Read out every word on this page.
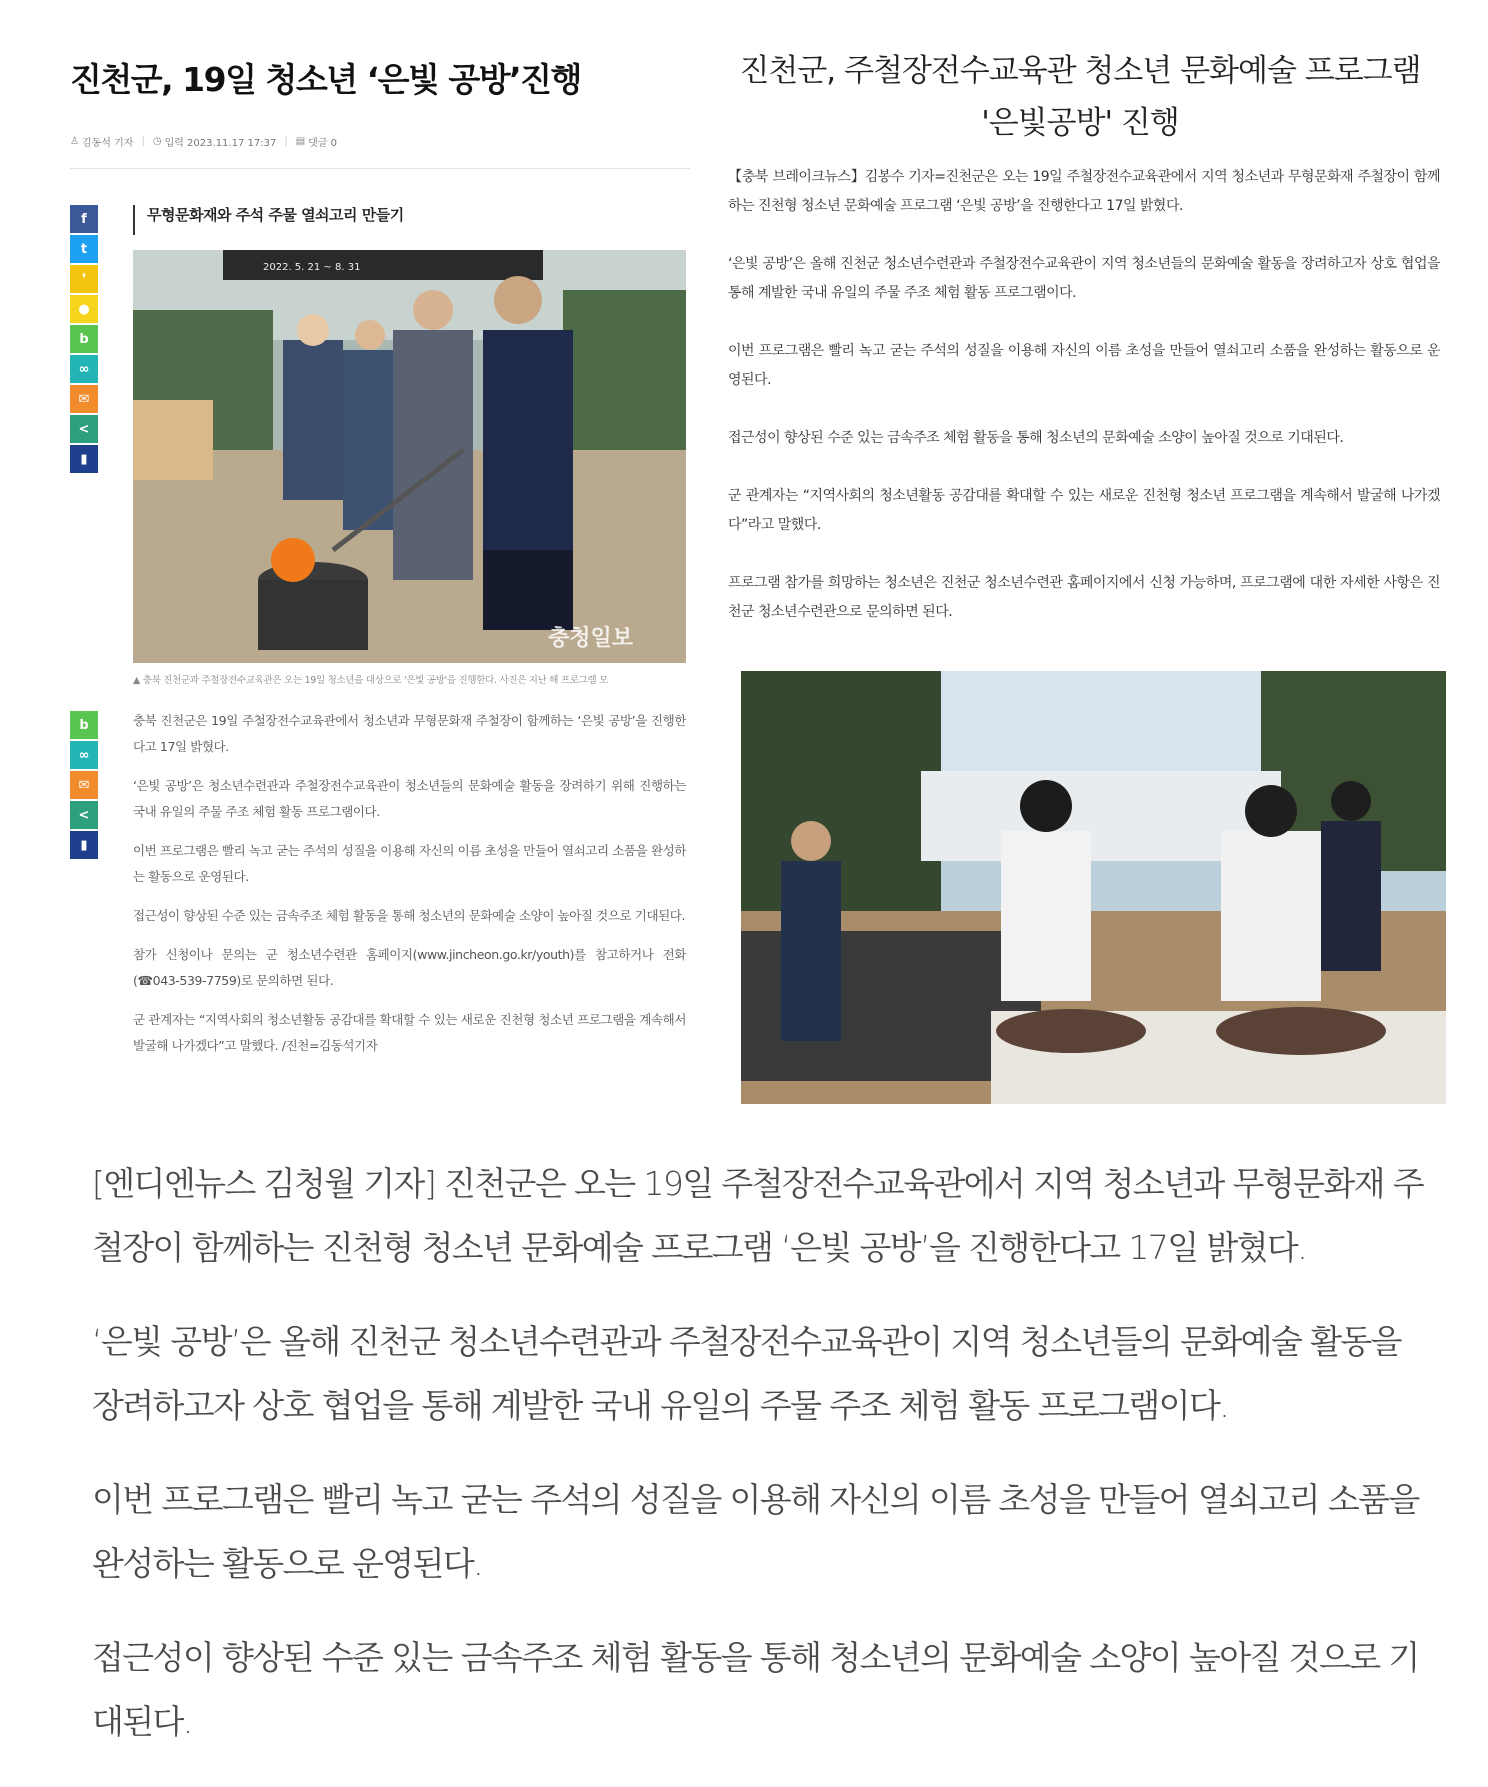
진천군, 19일 청소년 ‘은빛 공방’진행
♙ 김동석 기자 | ◷ 입력 2023.11.17 17:37 | ▤ 댓글 0
f
t
❜
●
b
∞
✉
<
▮
무형문화재와 주석 주물 열쇠고리 만들기
2022. 5. 21 ~ 8. 31
충청일보
▲ 충북 진천군과 주철장전수교육관은 오는 19일 청소년을 대상으로 '은빛 공방'을 진행한다. 사진은 지난 해 프로그램 모
b
∞
✉
<
▮

충북 진천군은 19일 주철장전수교육관에서 청소년과 무형문화재 주철장이 함께하는 ‘은빛 공방’을 진행한다고 17일 밝혔다.

‘은빛 공방’은 청소년수련관과 주철장전수교육관이 청소년들의 문화예술 활동을 장려하기 위해 진행하는 국내 유일의 주물 주조 체험 활동 프로그램이다.

이번 프로그램은 빨리 녹고 굳는 주석의 성질을 이용해 자신의 이름 초성을 만들어 열쇠고리 소품을 완성하는 활동으로 운영된다.

접근성이 향상된 수준 있는 금속주조 체험 활동을 통해 청소년의 문화예술 소양이 높아질 것으로 기대된다.

참가 신청이나 문의는 군 청소년수련관 홈페이지(www.jincheon.go.kr/youth)를 참고하거나 전화(☎043-539-7759)로 문의하면 된다.

군 관계자는 “지역사회의 청소년활동 공감대를 확대할 수 있는 새로운 진천형 청소년 프로그램을 계속해서 발굴해 나가겠다”고 말했다. /진천=김동석기자

진천군, 주철장전수교육관 청소년 문화예술 프로그램
'은빛공방' 진행

【충북 브레이크뉴스】김봉수 기자=진천군은 오는 19일 주철장전수교육관에서 지역 청소년과 무형문화재 주철장이 함께하는 진천형 청소년 문화예술 프로그램 ‘은빛 공방’을 진행한다고 17일 밝혔다.

‘은빛 공방’은 올해 진천군 청소년수련관과 주철장전수교육관이 지역 청소년들의 문화예술 활동을 장려하고자 상호 협업을 통해 계발한 국내 유일의 주물 주조 체험 활동 프로그램이다.

이번 프로그램은 빨리 녹고 굳는 주석의 성질을 이용해 자신의 이름 초성을 만들어 열쇠고리 소품을 완성하는 활동으로 운영된다.

접근성이 향상된 수준 있는 금속주조 체험 활동을 통해 청소년의 문화예술 소양이 높아질 것으로 기대된다.

군 관계자는 “지역사회의 청소년활동 공감대를 확대할 수 있는 새로운 진천형 청소년 프로그램을 계속해서 발굴해 나가겠다”라고 말했다.

프로그램 참가를 희망하는 청소년은 진천군 청소년수련관 홈페이지에서 신청 가능하며, 프로그램에 대한 자세한 사항은 진천군 청소년수련관으로 문의하면 된다.

[엔디엔뉴스 김청월 기자] 진천군은 오는 19일 주철장전수교육관에서 지역 청소년과 무형문화재 주철장이 함께하는 진천형 청소년 문화예술 프로그램 ‘은빛 공방’을 진행한다고 17일 밝혔다.

‘은빛 공방’은 올해 진천군 청소년수련관과 주철장전수교육관이 지역 청소년들의 문화예술 활동을 장려하고자 상호 협업을 통해 계발한 국내 유일의 주물 주조 체험 활동 프로그램이다.

이번 프로그램은 빨리 녹고 굳는 주석의 성질을 이용해 자신의 이름 초성을 만들어 열쇠고리 소품을 완성하는 활동으로 운영된다.

접근성이 향상된 수준 있는 금속주조 체험 활동을 통해 청소년의 문화예술 소양이 높아질 것으로 기대된다.
